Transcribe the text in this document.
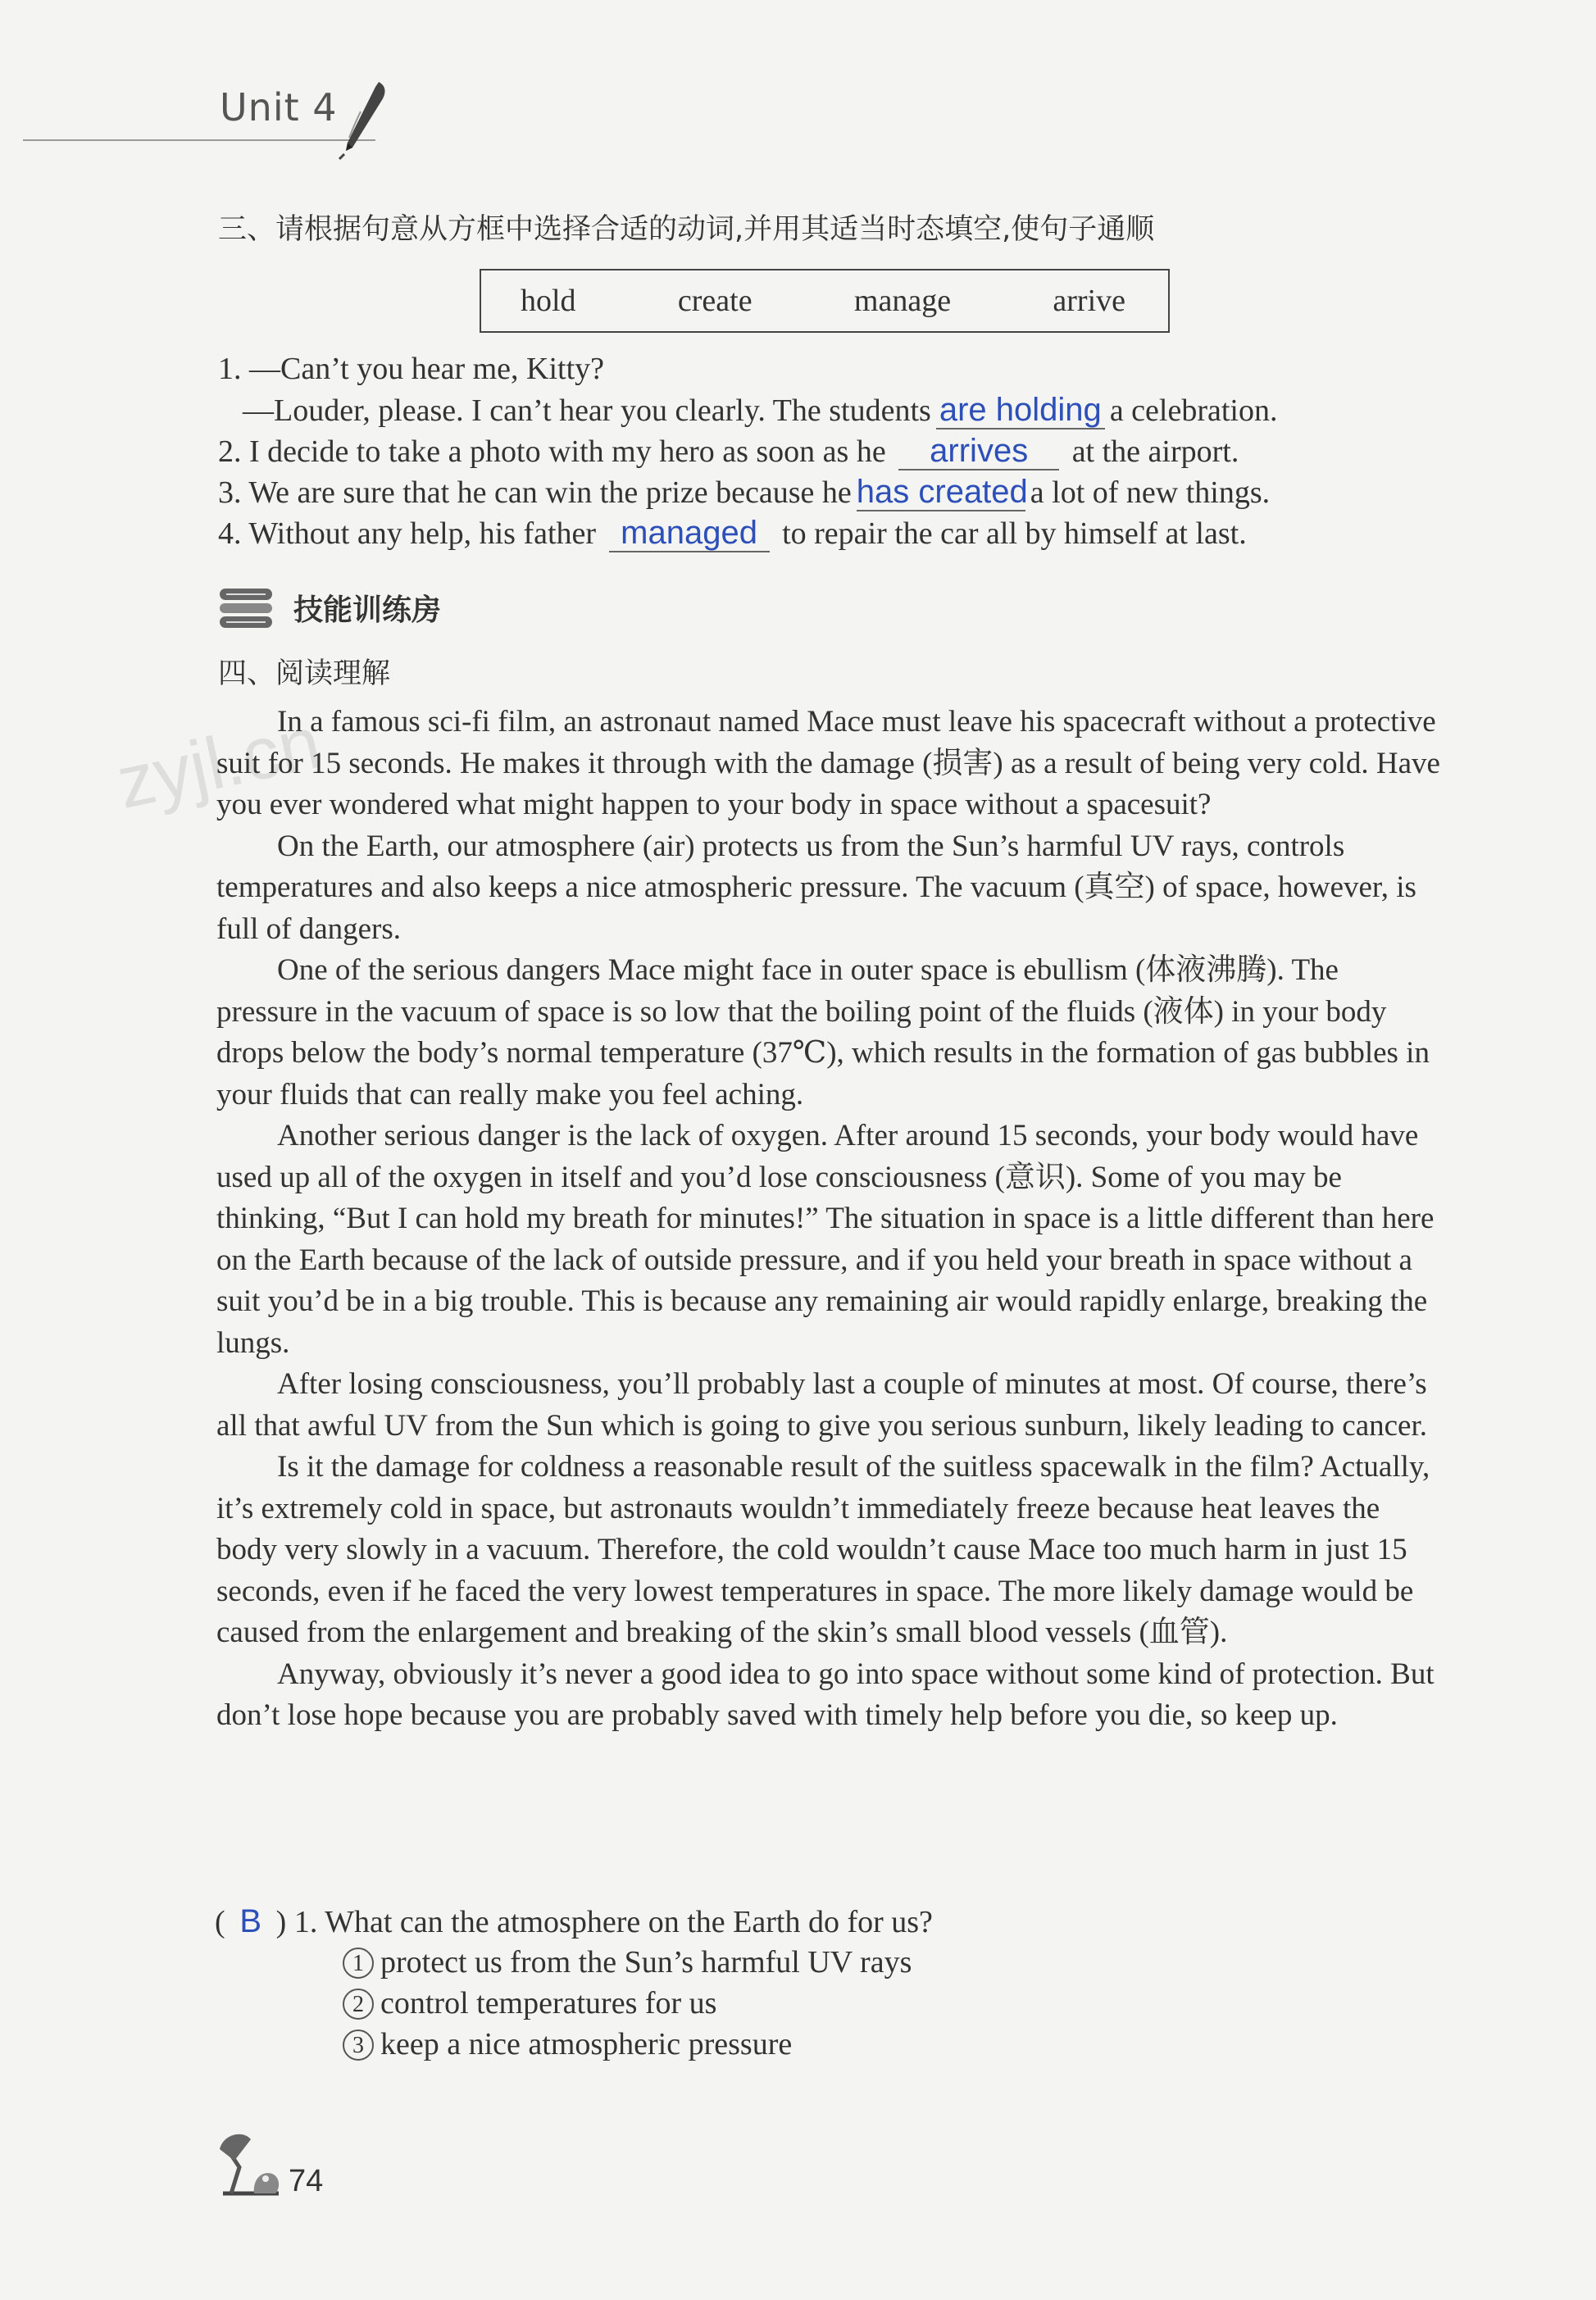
Unit 4
三、请根据句意从方框中选择合适的动词,并用其适当时态填空,使句子通顺
hold	create	manage	arrive
1. —Can’t you hear me, Kitty?
—Louder, please. I can’t hear you clearly. The students are holding a celebration.
2. I decide to take a photo with my hero as soon as he arrives at the airport.
3. We are sure that he can win the prize because he has createda lot of new things.
4. Without any help, his father managed to repair the car all by himself at last.
技能训练房
四、阅读理解
zyjl.cn

In a famous sci-fi film, an astronaut named Mace must leave his spacecraft without a protective suit for 15 seconds. He makes it through with the damage (损害) as a result of being very cold. Have you ever wondered what might happen to your body in space without a spacesuit?

On the Earth, our atmosphere (air) protects us from the Sun’s harmful UV rays, controls temperatures and also keeps a nice atmospheric pressure. The vacuum (真空) of space, however, is full of dangers.

One of the serious dangers Mace might face in outer space is ebullism (体液沸腾). The pressure in the vacuum of space is so low that the boiling point of the fluids (液体) in your body drops below the body’s normal temperature (37℃), which results in the formation of gas bubbles in your fluids that can really make you feel aching.

Another serious danger is the lack of oxygen. After around 15 seconds, your body would have used up all of the oxygen in itself and you’d lose consciousness (意识). Some of you may be thinking, “But I can hold my breath for minutes!” The situation in space is a little different than here on the Earth because of the lack of outside pressure, and if you held your breath in space without a suit you’d be in a big trouble. This is because any remaining air would rapidly enlarge, breaking the lungs.

After losing consciousness, you’ll probably last a couple of minutes at most. Of course, there’s all that awful UV from the Sun which is going to give you serious sunburn, likely leading to cancer.

Is it the damage for coldness a reasonable result of the suitless spacewalk in the film? Actually, it’s extremely cold in space, but astronauts wouldn’t immediately freeze because heat leaves the body very slowly in a vacuum. Therefore, the cold wouldn’t cause Mace too much harm in just 15 seconds, even if he faced the very lowest temperatures in space. The more likely damage would be caused from the enlargement and breaking of the skin’s small blood vessels (血管).

Anyway, obviously it’s never a good idea to go into space without some kind of protection. But don’t lose hope because you are probably saved with timely help before you die, so keep up.

( B ) 1. What can the atmosphere on the Earth do for us?
1 protect us from the Sun’s harmful UV rays
2 control temperatures for us
3 keep a nice atmospheric pressure
74
